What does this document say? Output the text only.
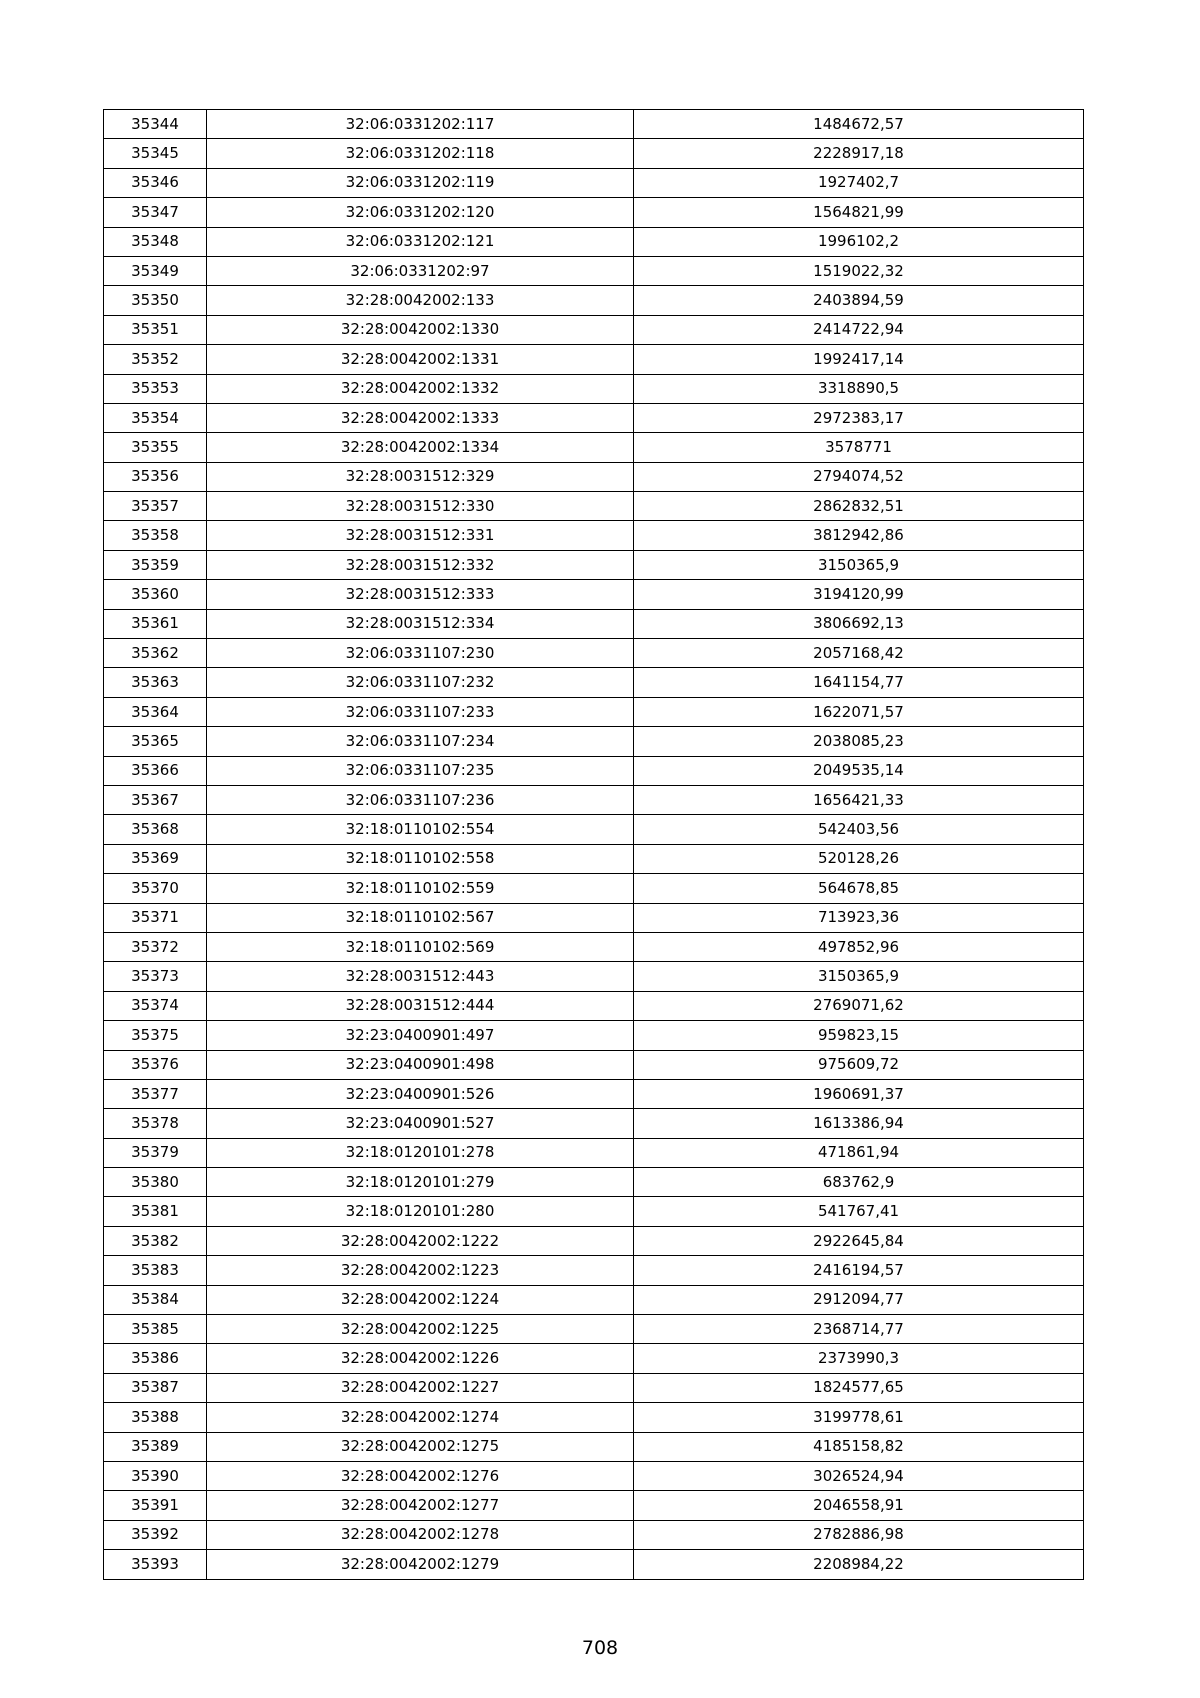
35344	32:06:0331202:117	1484672,57
35345	32:06:0331202:118	2228917,18
35346	32:06:0331202:119	1927402,7
35347	32:06:0331202:120	1564821,99
35348	32:06:0331202:121	1996102,2
35349	32:06:0331202:97	1519022,32
35350	32:28:0042002:133	2403894,59
35351	32:28:0042002:1330	2414722,94
35352	32:28:0042002:1331	1992417,14
35353	32:28:0042002:1332	3318890,5
35354	32:28:0042002:1333	2972383,17
35355	32:28:0042002:1334	3578771
35356	32:28:0031512:329	2794074,52
35357	32:28:0031512:330	2862832,51
35358	32:28:0031512:331	3812942,86
35359	32:28:0031512:332	3150365,9
35360	32:28:0031512:333	3194120,99
35361	32:28:0031512:334	3806692,13
35362	32:06:0331107:230	2057168,42
35363	32:06:0331107:232	1641154,77
35364	32:06:0331107:233	1622071,57
35365	32:06:0331107:234	2038085,23
35366	32:06:0331107:235	2049535,14
35367	32:06:0331107:236	1656421,33
35368	32:18:0110102:554	542403,56
35369	32:18:0110102:558	520128,26
35370	32:18:0110102:559	564678,85
35371	32:18:0110102:567	713923,36
35372	32:18:0110102:569	497852,96
35373	32:28:0031512:443	3150365,9
35374	32:28:0031512:444	2769071,62
35375	32:23:0400901:497	959823,15
35376	32:23:0400901:498	975609,72
35377	32:23:0400901:526	1960691,37
35378	32:23:0400901:527	1613386,94
35379	32:18:0120101:278	471861,94
35380	32:18:0120101:279	683762,9
35381	32:18:0120101:280	541767,41
35382	32:28:0042002:1222	2922645,84
35383	32:28:0042002:1223	2416194,57
35384	32:28:0042002:1224	2912094,77
35385	32:28:0042002:1225	2368714,77
35386	32:28:0042002:1226	2373990,3
35387	32:28:0042002:1227	1824577,65
35388	32:28:0042002:1274	3199778,61
35389	32:28:0042002:1275	4185158,82
35390	32:28:0042002:1276	3026524,94
35391	32:28:0042002:1277	2046558,91
35392	32:28:0042002:1278	2782886,98
35393	32:28:0042002:1279	2208984,22
708
